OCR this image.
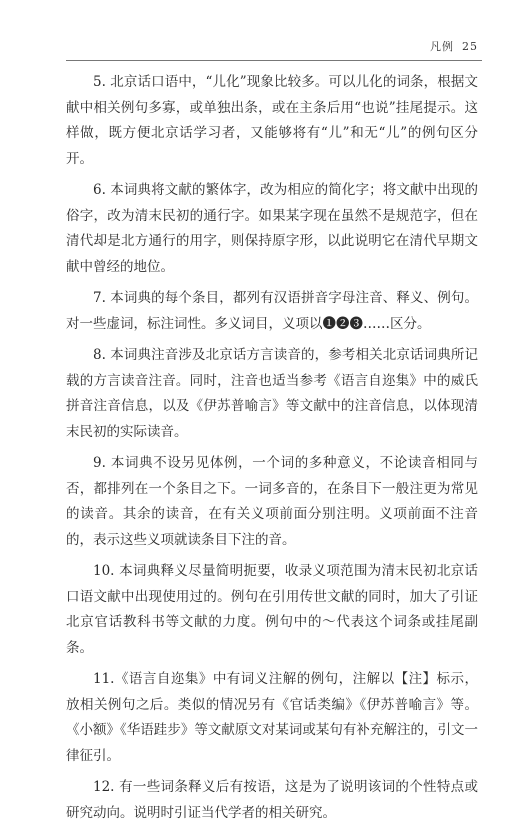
凡例 25

5. 北京话口语中，“儿化”现象比较多。可以儿化的词条，根据文献中相关例句多寡，或单独出条，或在主条后用“也说”挂尾提示。这样做，既方便北京话学习者，又能够将有“儿”和无“儿”的例句区分开。

6. 本词典将文献的繁体字，改为相应的简化字；将文献中出现的俗字，改为清末民初的通行字。如果某字现在虽然不是规范字，但在清代却是北方通行的用字，则保持原字形，以此说明它在清代早期文献中曾经的地位。

7. 本词典的每个条目，都列有汉语拼音字母注音、释义、例句。对一些虚词，标注词性。多义词目，义项以❶❷❸……区分。

8. 本词典注音涉及北京话方言读音的，参考相关北京话词典所记载的方言读音注音。同时，注音也适当参考《语言自迩集》中的威氏拼音注音信息，以及《伊苏普喻言》等文献中的注音信息，以体现清末民初的实际读音。

9. 本词典不设另见体例，一个词的多种意义，不论读音相同与否，都排列在一个条目之下。一词多音的，在条目下一般注更为常见的读音。其余的读音，在有关义项前面分别注明。义项前面不注音的，表示这些义项就读条目下注的音。

10. 本词典释义尽量简明扼要，收录义项范围为清末民初北京话口语文献中出现使用过的。例句在引用传世文献的同时，加大了引证北京官话教科书等文献的力度。例句中的～代表这个词条或挂尾副条。

11.《语言自迩集》中有词义注解的例句，注解以【注】标示，放相关例句之后。类似的情况另有《官话类编》《伊苏普喻言》等。《小额》《华语跬步》等文献原文对某词或某句有补充解注的，引文一律征引。

12. 有一些词条释义后有按语，这是为了说明该词的个性特点或研究动向。说明时引证当代学者的相关研究。
